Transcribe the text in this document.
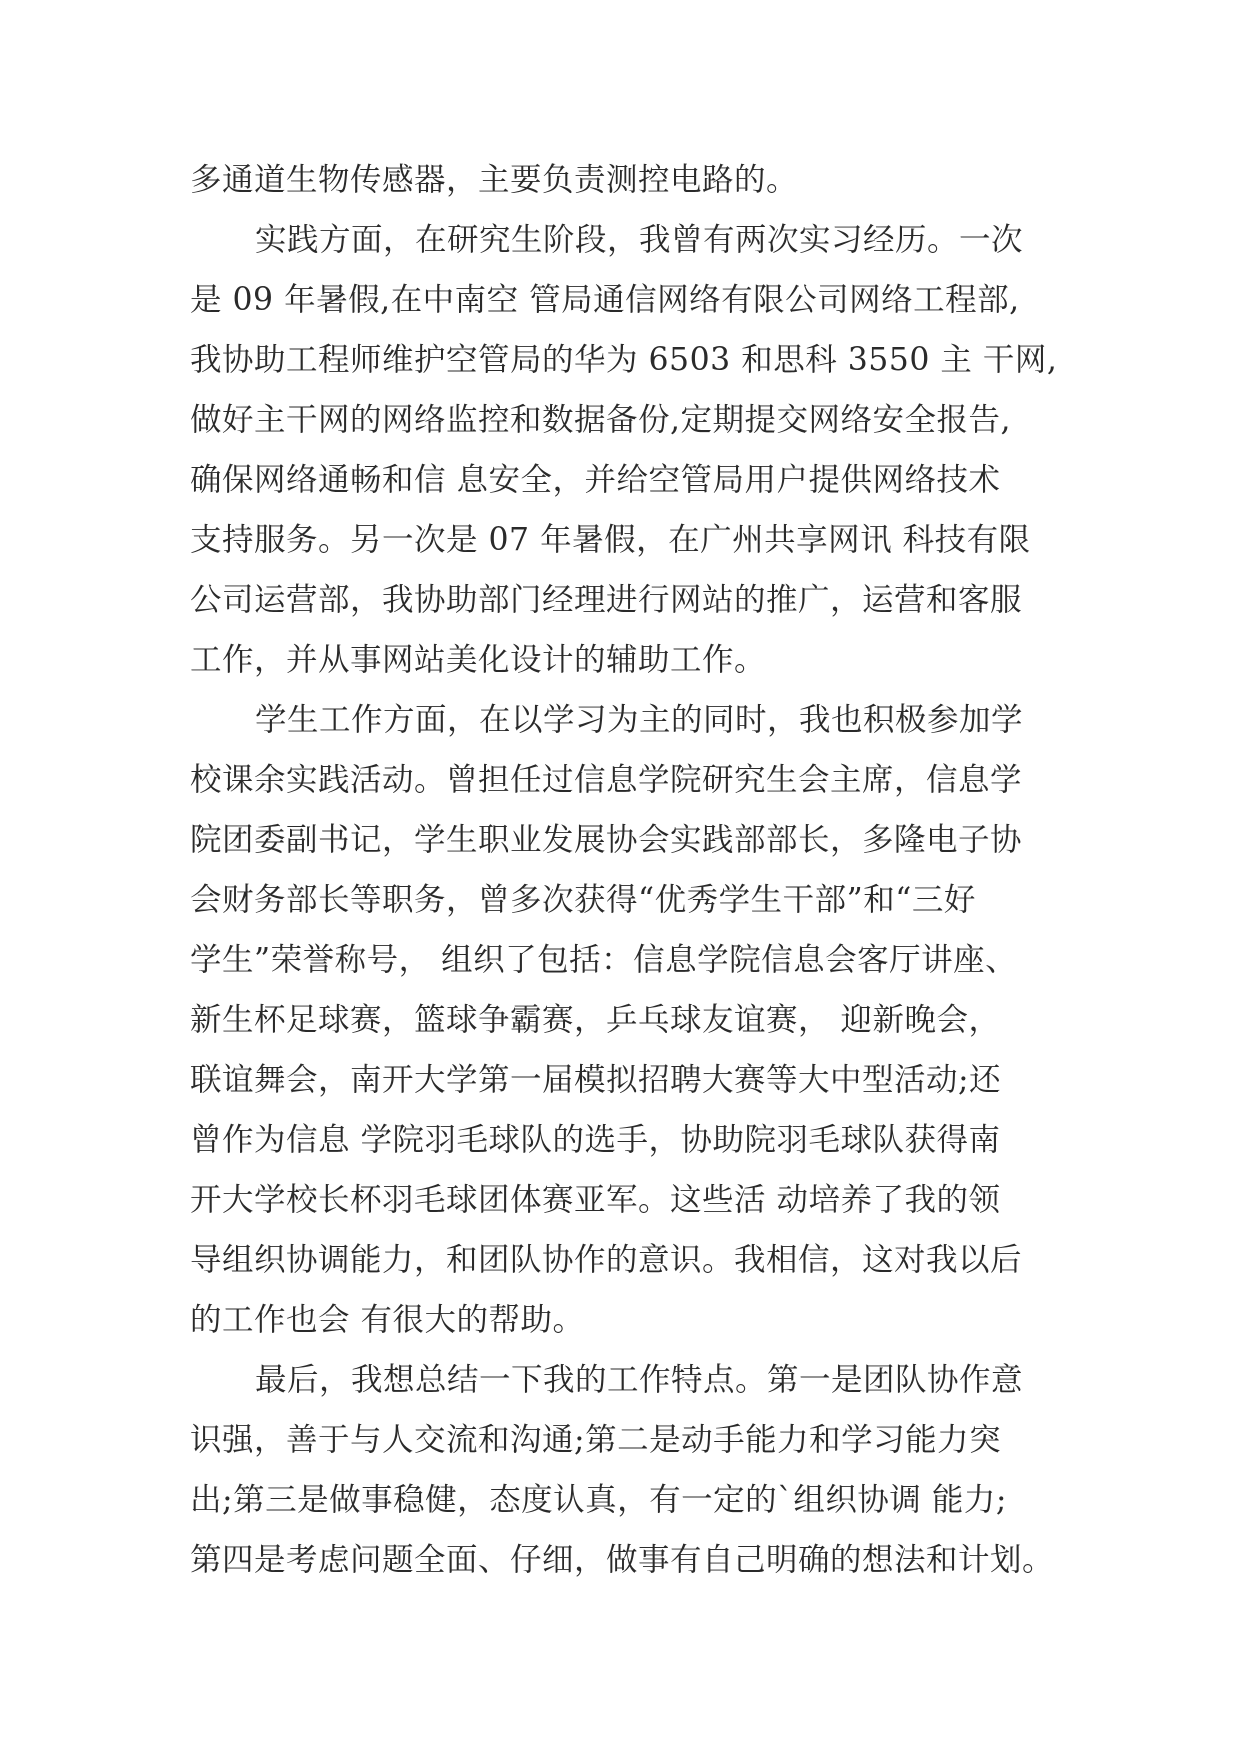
多通道生物传感器，主要负责测控电路的。
实践方面，在研究生阶段，我曾有两次实习经历。一次
是 09 年暑假,在中南空 管局通信网络有限公司网络工程部,
我协助工程师维护空管局的华为 6503 和思科 3550 主 干网,
做好主干网的网络监控和数据备份,定期提交网络安全报告,
确保网络通畅和信 息安全，并给空管局用户提供网络技术
支持服务。另一次是 07 年暑假，在广州共享网讯 科技有限
公司运营部，我协助部门经理进行网站的推广，运营和客服
工作，并从事网站美化设计的辅助工作。
学生工作方面，在以学习为主的同时，我也积极参加学
校课余实践活动。曾担任过信息学院研究生会主席，信息学
院团委副书记，学生职业发展协会实践部部长，多隆电子协
会财务部长等职务，曾多次获得“优秀学生干部”和“三好
学生”荣誉称号， 组织了包括：信息学院信息会客厅讲座、
新生杯足球赛，篮球争霸赛，乒乓球友谊赛， 迎新晚会，
联谊舞会，南开大学第一届模拟招聘大赛等大中型活动;还
曾作为信息 学院羽毛球队的选手，协助院羽毛球队获得南
开大学校长杯羽毛球团体赛亚军。这些活 动培养了我的领
导组织协调能力，和团队协作的意识。我相信，这对我以后
的工作也会 有很大的帮助。
最后，我想总结一下我的工作特点。第一是团队协作意
识强，善于与人交流和沟通;第二是动手能力和学习能力突
出;第三是做事稳健，态度认真，有一定的`组织协调 能力;
第四是考虑问题全面、仔细，做事有自己明确的想法和计划。
